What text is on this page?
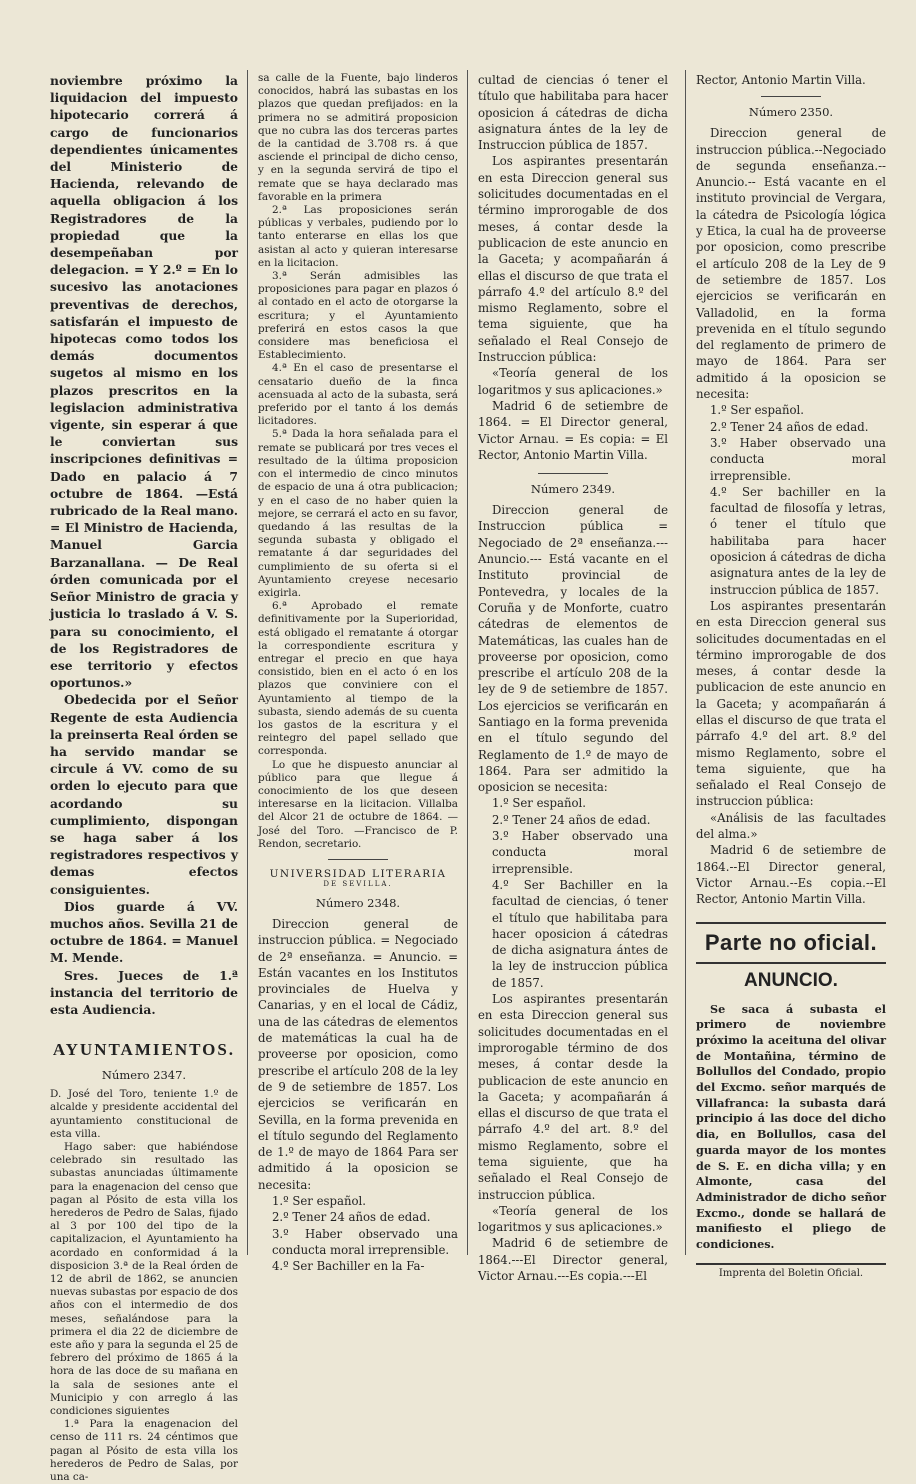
noviembre próximo la liquidacion del impuesto hipotecario correrá á cargo de funcionarios dependientes únicamentes del Ministerio de Hacienda, relevando de aquella obligacion á los Registradores de la propiedad que la desempeñaban por delegacion. = Y 2.º = En lo sucesivo las anotaciones preventivas de derechos, satisfarán el impuesto de hipotecas como todos los demás documentos sugetos al mismo en los plazos prescritos en la legislacion administrativa vigente, sin esperar á que le conviertan sus inscripciones definitivas = Dado en palacio á 7 octubre de 1864. —Está rubricado de la Real mano. = El Ministro de Hacienda, Manuel Garcia Barzanallana. — De Real órden comunicada por el Señor Ministro de gracia y justicia lo traslado á V. S. para su conocimiento, el de los Registradores de ese territorio y efectos oportunos.»

Obedecida por el Señor Regente de esta Audiencia la preinserta Real órden se ha servido mandar se circule á VV. como de su orden lo ejecuto para que acordando su cumplimiento, dispongan se haga saber á los registradores respectivos y demas efectos consiguientes.

Dios guarde á VV. muchos años. Sevilla 21 de octubre de 1864. = Manuel M. Mende.

Sres. Jueces de 1.ª instancia del territorio de esta Audiencia.

AYUNTAMIENTOS.
Número 2347.

D. José del Toro, teniente 1.º de alcalde y presidente accidental del ayuntamiento constitucional de esta villa.

Hago saber: que habiéndose celebrado sin resultado las subastas anunciadas últimamente para la enagenacion del censo que pagan al Pósito de esta villa los herederos de Pedro de Salas, fijado al 3 por 100 del tipo de la capitalizacion, el Ayuntamiento ha acordado en conformidad á la disposicion 3.ª de la Real órden de 12 de abril de 1862, se anuncien nuevas subastas por espacio de dos años con el intermedio de dos meses, señalándose para la primera el dia 22 de diciembre de este año y para la segunda el 25 de febrero del próximo de 1865 á la hora de las doce de su mañana en la sala de sesiones ante el Municipio y con arreglo á las condiciones siguientes

1.ª Para la enagenacion del censo de 111 rs. 24 céntimos que pagan al Pósito de esta villa los herederos de Pedro de Salas, por una ca-

sa calle de la Fuente, bajo linderos conocidos, habrá las subastas en los plazos que quedan prefijados: en la primera no se admitirá proposicion que no cubra las dos terceras partes de la cantidad de 3.708 rs. á que asciende el principal de dicho censo, y en la segunda servirá de tipo el remate que se haya declarado mas favorable en la primera

2.ª Las proposiciones serán públicas y verbales, pudiendo por lo tanto enterarse en ellas los que asistan al acto y quieran interesarse en la licitacion.

3.ª Serán admisibles las proposiciones para pagar en plazos ó al contado en el acto de otorgarse la escritura; y el Ayuntamiento preferirá en estos casos la que considere mas beneficiosa el Establecimiento.

4.ª En el caso de presentarse el censatario dueño de la finca acensuada al acto de la subasta, será preferido por el tanto á los demás licitadores.

5.ª Dada la hora señalada para el remate se publicará por tres veces el resultado de la última proposicion con el intermedio de cinco minutos de espacio de una á otra publicacion; y en el caso de no haber quien la mejore, se cerrará el acto en su favor, quedando á las resultas de la segunda subasta y obligado el rematante á dar seguridades del cumplimiento de su oferta si el Ayuntamiento creyese necesario exigirla.

6.ª Aprobado el remate definitivamente por la Superioridad, está obligado el rematante á otorgar la correspondiente escritura y entregar el precio en que haya consistido, bien en el acto ó en los plazos que conviniere con el Ayuntamiento al tiempo de la subasta, siendo además de su cuenta los gastos de la escritura y el reintegro del papel sellado que corresponda.

Lo que he dispuesto anunciar al público para que llegue á conocimiento de los que deseen interesarse en la licitacion. Villalba del Alcor 21 de octubre de 1864. —José del Toro. —Francisco de P. Rendon, secretario.

UNIVERSIDAD LITERARIA
DE SEVILLA.
Número 2348.

Direccion general de instruccion pública. = Negociado de 2ª enseñanza. = Anuncio. = Están vacantes en los Institutos provinciales de Huelva y Canarias, y en el local de Cádiz, una de las cátedras de elementos de matemáticas la cual ha de proveerse por oposicion, como prescribe el artículo 208 de la ley de 9 de setiembre de 1857. Los ejercicios se verificarán en Sevilla, en la forma prevenida en el título segundo del Reglamento de 1.º de mayo de 1864 Para ser admitido á la oposicion se necesita:

1.º Ser español.

2.º Tener 24 años de edad.

3.º Haber observado una conducta moral irreprensible.

4.º Ser Bachiller en la Fa-

cultad de ciencias ó tener el título que habilitaba para hacer oposicion á cátedras de dicha asignatura ántes de la ley de Instruccion pública de 1857.

Los aspirantes presentarán en esta Direccion general sus solicitudes documentadas en el término improrogable de dos meses, á contar desde la publicacion de este anuncio en la Gaceta; y acompañarán á ellas el discurso de que trata el párrafo 4.º del artículo 8.º del mismo Reglamento, sobre el tema siguiente, que ha señalado el Real Consejo de Instruccion pública:

«Teoría general de los logaritmos y sus aplicaciones.»

Madrid 6 de setiembre de 1864. = El Director general, Victor Arnau. = Es copia: = El Rector, Antonio Martin Villa.

Número 2349.

Direccion general de Instruccion pública = Negociado de 2ª enseñanza.---Anuncio.--- Está vacante en el Instituto provincial de Pontevedra, y locales de la Coruña y de Monforte, cuatro cátedras de elementos de Matemáticas, las cuales han de proveerse por oposicion, como prescribe el artículo 208 de la ley de 9 de setiembre de 1857. Los ejercicios se verificarán en Santiago en la forma prevenida en el título segundo del Reglamento de 1.º de mayo de 1864. Para ser admitido la oposicion se necesita:

1.º Ser español.

2.º Tener 24 años de edad.

3.º Haber observado una conducta moral irreprensible.

4.º Ser Bachiller en la facultad de ciencias, ó tener el título que habilitaba para hacer oposicion á cátedras de dicha asignatura ántes de la ley de instruccion pública de 1857.

Los aspirantes presentarán en esta Direccion general sus solicitudes documentadas en el improrogable término de dos meses, á contar desde la publicacion de este anuncio en la Gaceta; y acompañarán á ellas el discurso de que trata el párrafo 4.º del art. 8.º del mismo Reglamento, sobre el tema siguiente, que ha señalado el Real Consejo de instruccion pública.

«Teoría general de los logaritmos y sus aplicaciones.»

Madrid 6 de setiembre de 1864.---El Director general, Victor Arnau.---Es copia.---El

Rector, Antonio Martin Villa.

Número 2350.

Direccion general de instruccion pública.--Negociado de segunda enseñanza.--Anuncio.-- Está vacante en el instituto provincial de Vergara, la cátedra de Psicología lógica y Etica, la cual ha de proveerse por oposicion, como prescribe el artículo 208 de la Ley de 9 de setiembre de 1857. Los ejercicios se verificarán en Valladolid, en la forma prevenida en el título segundo del reglamento de primero de mayo de 1864. Para ser admitido á la oposicion se necesita:

1.º Ser español.

2.º Tener 24 años de edad.

3.º Haber observado una conducta moral irreprensible.

4.º Ser bachiller en la facultad de filosofía y letras, ó tener el título que habilitaba para hacer oposicion á cátedras de dicha asignatura antes de la ley de instruccion pública de 1857.

Los aspirantes presentarán en esta Direccion general sus solicitudes documentadas en el término improrogable de dos meses, á contar desde la publicacion de este anuncio en la Gaceta; y acompañarán á ellas el discurso de que trata el párrafo 4.º del art. 8.º del mismo Reglamento, sobre el tema siguiente, que ha señalado el Real Consejo de instruccion pública:

«Análisis de las facultades del alma.»

Madrid 6 de setiembre de 1864.--El Director general, Victor Arnau.--Es copia.--El Rector, Antonio Martin Villa.

Parte no oficial.
ANUNCIO.

Se saca á subasta el primero de noviembre próximo la aceituna del olivar de Montañina, término de Bollullos del Condado, propio del Excmo. señor marqués de Villafranca: la subasta dará principio á las doce del dicho dia, en Bollullos, casa del guarda mayor de los montes de S. E. en dicha villa; y en Almonte, casa del Administrador de dicho señor Excmo., donde se hallará de manifiesto el pliego de condiciones.

Imprenta del Boletin Oficial.
